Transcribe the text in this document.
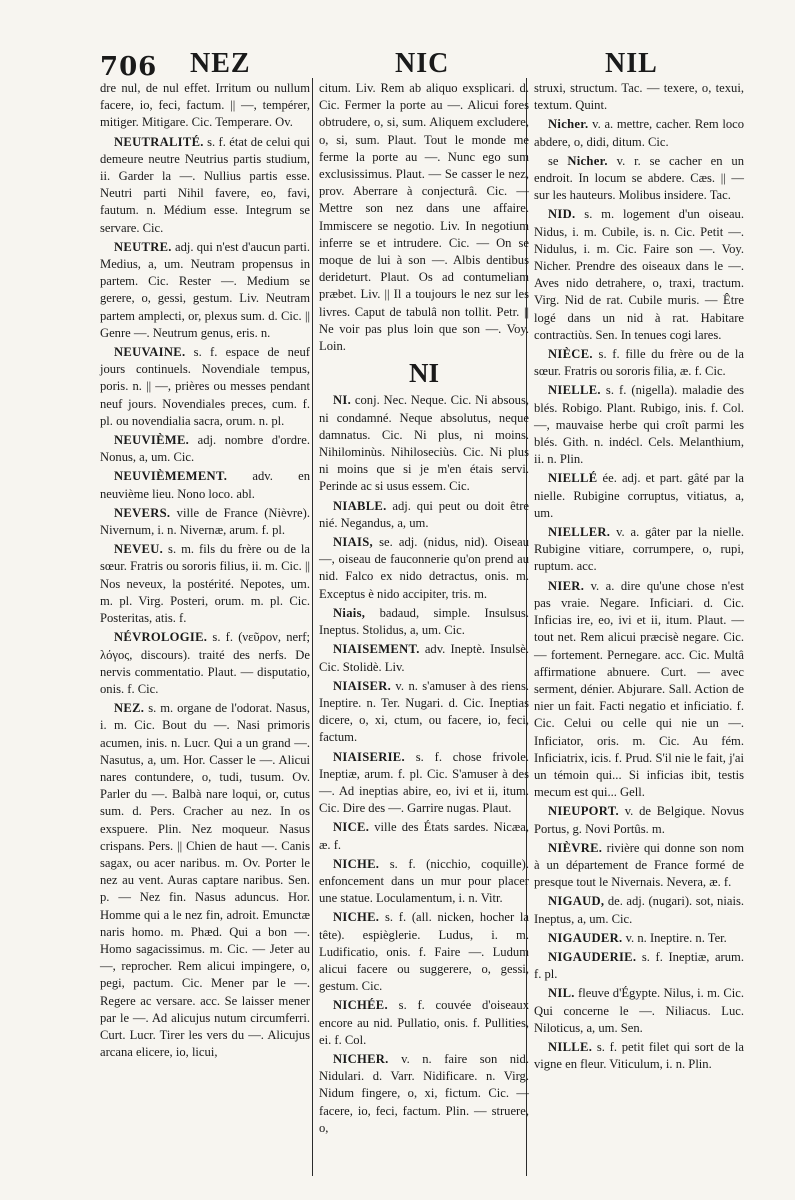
706 NEZ	NIC	NIL
dre nul, de nul effet. Irritum ou nullum facere, io, feci, factum. || —, tempérer, mitiger. Mitigare. Cic. Temperare. Ov.
NEUTRALITÉ. s. f. état de celui qui demeure neutre Neutrius partis studium, ii. Garder la —. Nullius partis esse. Neutri parti Nihil favere, eo, favi, fautum. n. Médium esse. Integrum se servare. Cic.
NEUTRE. adj. qui n'est d'aucun parti. Medius, a, um. Neutram propensus in partem. Cic. Rester —. Medium se gerere, o, gessi, gestum. Liv. Neutram partem amplecti, or, plexus sum. d. Cic. || Genre —. Neutrum genus, eris. n.
NEUVAINE. s. f. espace de neuf jours continuels. Novendiale tempus, poris. n. || —, prières ou messes pendant neuf jours. Novendiales preces, cum. f. pl. ou novendialia sacra, orum. n. pl.
NEUVIÈME. adj. nombre d'ordre. Nonus, a, um. Cic.
NEUVIÈMEMENT. adv. en neuvième lieu. Nono loco. abl.
NEVERS. ville de France (Nièvre). Nivernum, i. n. Nivernæ, arum. f. pl.
NEVEU. s. m. fils du frère ou de la sœur. Fratris ou sororis filius, ii. m. Cic. || Nos neveux, la postérité. Nepotes, um. m. pl. Virg. Posteri, orum. m. pl. Cic. Posteritas, atis. f.
NÉVROLOGIE. s. f. (νεῦρον, nerf; λόγος, discours). traité des nerfs. De nervis commentatio. Plaut. — disputatio, onis. f. Cic.
NEZ. s. m. organe de l'odorat. Nasus, i. m. Cic. Bout du —. Nasi primoris acumen, inis. n. Lucr. Qui a un grand —. Nasutus, a, um. Hor. Casser le —. Alicui nares contundere, o, tudi, tusum. Ov. Parler du —. Balbà nare loqui, or, cutus sum. d. Pers. Cracher au nez. In os exspuere. Plin. Nez moqueur. Nasus crispans. Pers. || Chien de haut —. Canis sagax, ou acer naribus. m. Ov. Porter le nez au vent. Auras captare naribus. Sen. p. — Nez fin. Nasus aduncus. Hor. Homme qui a le nez fin, adroit. Emunctæ naris homo. m. Phæd. Qui a bon —. Homo sagacissimus. m. Cic. — Jeter au —, reprocher. Rem alicui impingere, o, pegi, pactum. Cic. Mener par le —. Regere ac versare. acc. Se laisser mener par le —. Ad alicujus nutum circumferri. Curt. Lucr. Tirer les vers du —. Alicujus arcana elicere, io, licui,
citum. Liv. Rem ab aliquo exsplicari. d. Cic. Fermer la porte au —. Alicui fores obtrudere, o, si, sum. Aliquem excludere, o, si, sum. Plaut. Tout le monde me ferme la porte au —. Nunc ego sum exclusissimus. Plaut. — Se casser le nez, prov. Aberrare à conjecturâ. Cic. — Mettre son nez dans une affaire. Immiscere se negotio. Liv. In negotium inferre se et intrudere. Cic. — On se moque de lui à son —. Albis dentibus derideturt. Plaut. Os ad contumeliam præbet. Liv. || Il a toujours le nez sur les livres. Caput de tabulâ non tollit. Petr. || Ne voir pas plus loin que son —. Voy. Loin.
NI
NI. conj. Nec. Neque. Cic. Ni absous, ni condamné. Neque absolutus, neque damnatus. Cic. Ni plus, ni moins. Nihilominùs. Nihiloseciùs. Cic. Ni plus ni moins que si je m'en étais servi. Perinde ac si usus essem. Cic.
NIABLE. adj. qui peut ou doit être nié. Negandus, a, um.
NIAIS, se. adj. (nidus, nid). Oiseau —, oiseau de fauconnerie qu'on prend au nid. Falco ex nido detractus, onis. m. Exceptus è nido accipiter, tris. m.
Niais, badaud, simple. Insulsus. Ineptus. Stolidus, a, um. Cic.
NIAISEMENT. adv. Ineptè. Insulsè. Cic. Stolidè. Liv.
NIAISER. v. n. s'amuser à des riens. Ineptire. n. Ter. Nugari. d. Cic. Ineptias dicere, o, xi, ctum, ou facere, io, feci, factum.
NIAISERIE. s. f. chose frivole. Ineptiæ, arum. f. pl. Cic. S'amuser à des —. Ad ineptias abire, eo, ivi et ii, itum. Cic. Dire des —. Garrire nugas. Plaut.
NICE. ville des États sardes. Nicæa, æ. f.
NICHE. s. f. (nicchio, coquille). enfoncement dans un mur pour placer une statue. Loculamentum, i. n. Vitr.
NICHE. s. f. (all. nicken, hocher la tête). espièglerie. Ludus, i. m. Ludificatio, onis. f. Faire —. Ludum alicui facere ou suggerere, o, gessi, gestum. Cic.
NICHÉE. s. f. couvée d'oiseaux encore au nid. Pullatio, onis. f. Pullities, ei. f. Col.
NICHER. v. n. faire son nid. Nidulari. d. Varr. Nidificare. n. Virg. Nidum fingere, o, xi, fictum. Cic. — facere, io, feci, factum. Plin. — struere, o,
struxi, structum. Tac. — texere, o, texui, textum. Quint.
Nicher. v. a. mettre, cacher. Rem loco abdere, o, didi, ditum. Cic.
se Nicher. v. r. se cacher en un endroit. In locum se abdere. Cæs. || — sur les hauteurs. Molibus insidere. Tac.
NID. s. m. logement d'un oiseau. Nidus, i. m. Cubile, is. n. Cic. Petit —. Nidulus, i. m. Cic. Faire son —. Voy. Nicher. Prendre des oiseaux dans le —. Aves nido detrahere, o, traxi, tractum. Virg. Nid de rat. Cubile muris. — Être logé dans un nid à rat. Habitare contractiùs. Sen. In tenues cogi lares.
NIÈCE. s. f. fille du frère ou de la sœur. Fratris ou sororis filia, æ. f. Cic.
NIELLE. s. f. (nigella). maladie des blés. Robigo. Plant. Rubigo, inis. f. Col. —, mauvaise herbe qui croît parmi les blés. Gith. n. indécl. Cels. Melanthium, ii. n. Plin.
NIELLÉ ée. adj. et part. gâté par la nielle. Rubigine corruptus, vitiatus, a, um.
NIELLER. v. a. gâter par la nielle. Rubigine vitiare, corrumpere, o, rupi, ruptum. acc.
NIER. v. a. dire qu'une chose n'est pas vraie. Negare. Inficiari. d. Cic. Inficias ire, eo, ivi et ii, itum. Plaut. — tout net. Rem alicui præcisè negare. Cic. — fortement. Pernegare. acc. Cic. Multâ affirmatione abnuere. Curt. — avec serment, dénier. Abjurare. Sall. Action de nier un fait. Facti negatio et inficiatio. f. Cic. Celui ou celle qui nie un —. Inficiator, oris. m. Cic. Au fém. Inficiatrix, icis. f. Prud. S'il nie le fait, j'ai un témoin qui... Si inficias ibit, testis mecum est qui... Gell.
NIEUPORT. v. de Belgique. Novus Portus, g. Novi Portûs. m.
NIÈVRE. rivière qui donne son nom à un département de France formé de presque tout le Nivernais. Nevera, æ. f.
NIGAUD, de. adj. (nugari). sot, niais. Ineptus, a, um. Cic.
NIGAUDER. v. n. Ineptire. n. Ter.
NIGAUDERIE. s. f. Ineptiæ, arum. f. pl.
NIL. fleuve d'Égypte. Nilus, i. m. Cic. Qui concerne le —. Niliacus. Luc. Niloticus, a, um. Sen.
NILLE. s. f. petit filet qui sort de la vigne en fleur. Viticulum, i. n. Plin.
